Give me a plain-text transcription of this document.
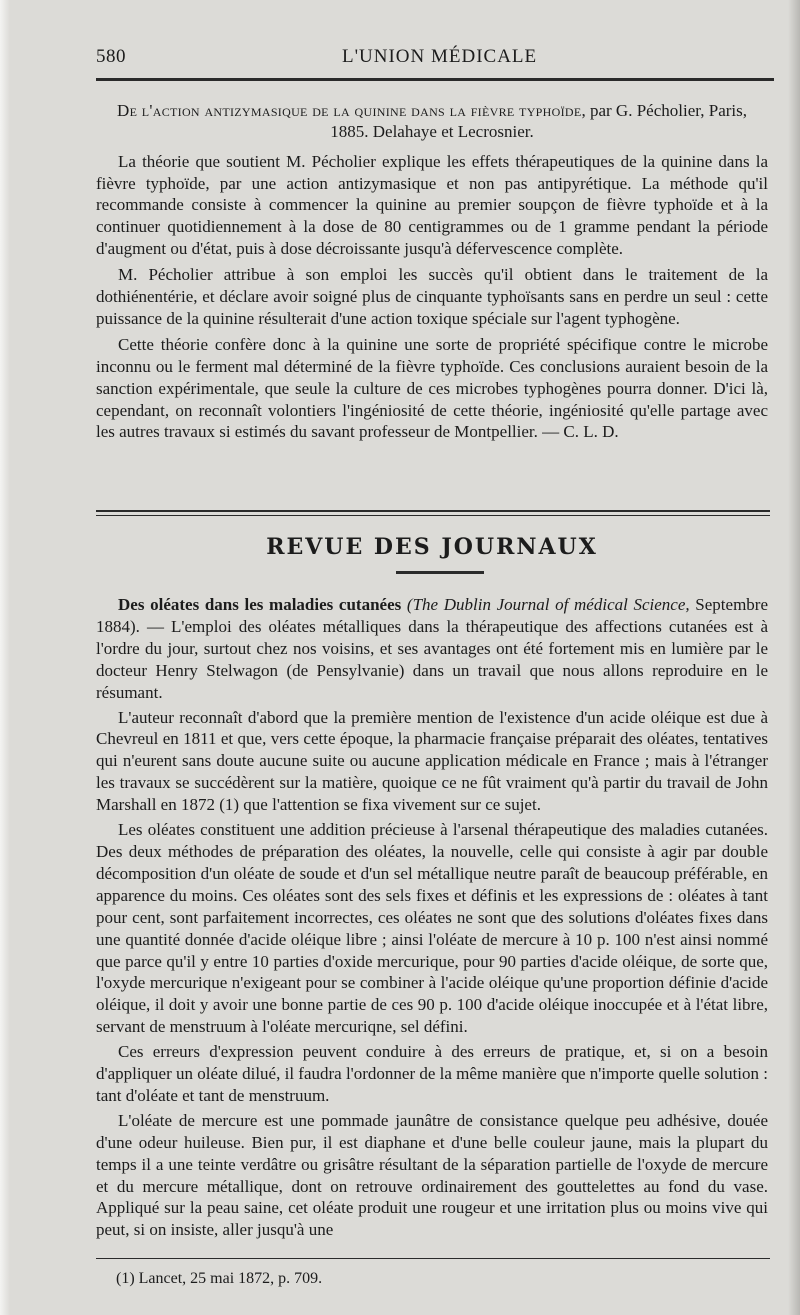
580	L'UNION MÉDICALE

De l'action antizymasique de la quinine dans la fièvre typhoïde, par G. Pécholier, Paris, 1885. Delahaye et Lecrosnier.

La théorie que soutient M. Pécholier explique les effets thérapeutiques de la quinine dans la fièvre typhoïde, par une action antizymasique et non pas antipyrétique. La méthode qu'il recommande consiste à commencer la quinine au premier soupçon de fièvre typhoïde et à la continuer quotidiennement à la dose de 80 centigrammes ou de 1 gramme pendant la période d'augment ou d'état, puis à dose décroissante jusqu'à défervescence complète.

M. Pécholier attribue à son emploi les succès qu'il obtient dans le traitement de la dothiénentérie, et déclare avoir soigné plus de cinquante typhoïsants sans en perdre un seul : cette puissance de la quinine résulterait d'une action toxique spéciale sur l'agent typhogène.

Cette théorie confère donc à la quinine une sorte de propriété spécifique contre le microbe inconnu ou le ferment mal déterminé de la fièvre typhoïde. Ces conclusions auraient besoin de la sanction expérimentale, que seule la culture de ces microbes typhogènes pourra donner. D'ici là, cependant, on reconnaît volontiers l'ingéniosité de cette théorie, ingéniosité qu'elle partage avec les autres travaux si estimés du savant professeur de Montpellier. — C. L. D.

REVUE DES JOURNAUX

Des oléates dans les maladies cutanées (The Dublin Journal of médical Science, Septembre 1884). — L'emploi des oléates métalliques dans la thérapeutique des affections cutanées est à l'ordre du jour, surtout chez nos voisins, et ses avantages ont été fortement mis en lumière par le docteur Henry Stelwagon (de Pensylvanie) dans un travail que nous allons reproduire en le résumant.

L'auteur reconnaît d'abord que la première mention de l'existence d'un acide oléique est due à Chevreul en 1811 et que, vers cette époque, la pharmacie française préparait des oléates, tentatives qui n'eurent sans doute aucune suite ou aucune application médicale en France ; mais à l'étranger les travaux se succédèrent sur la matière, quoique ce ne fût vraiment qu'à partir du travail de John Marshall en 1872 (1) que l'attention se fixa vivement sur ce sujet.

Les oléates constituent une addition précieuse à l'arsenal thérapeutique des maladies cutanées. Des deux méthodes de préparation des oléates, la nouvelle, celle qui consiste à agir par double décomposition d'un oléate de soude et d'un sel métallique neutre paraît de beaucoup préférable, en apparence du moins. Ces oléates sont des sels fixes et définis et les expressions de : oléates à tant pour cent, sont parfaitement incorrectes, ces oléates ne sont que des solutions d'oléates fixes dans une quantité donnée d'acide oléique libre ; ainsi l'oléate de mercure à 10 p. 100 n'est ainsi nommé que parce qu'il y entre 10 parties d'oxide mercurique, pour 90 parties d'acide oléique, de sorte que, l'oxyde mercurique n'exigeant pour se combiner à l'acide oléique qu'une proportion définie d'acide oléique, il doit y avoir une bonne partie de ces 90 p. 100 d'acide oléique inoccupée et à l'état libre, servant de menstruum à l'oléate mercuriqne, sel défini.

Ces erreurs d'expression peuvent conduire à des erreurs de pratique, et, si on a besoin d'appliquer un oléate dilué, il faudra l'ordonner de la même manière que n'importe quelle solution : tant d'oléate et tant de menstruum.

L'oléate de mercure est une pommade jaunâtre de consistance quelque peu adhésive, douée d'une odeur huileuse. Bien pur, il est diaphane et d'une belle couleur jaune, mais la plupart du temps il a une teinte verdâtre ou grisâtre résultant de la séparation partielle de l'oxyde de mercure et du mercure métallique, dont on retrouve ordinairement des gouttelettes au fond du vase. Appliqué sur la peau saine, cet oléate produit une rougeur et une irritation plus ou moins vive qui peut, si on insiste, aller jusqu'à une

(1) Lancet, 25 mai 1872, p. 709.
